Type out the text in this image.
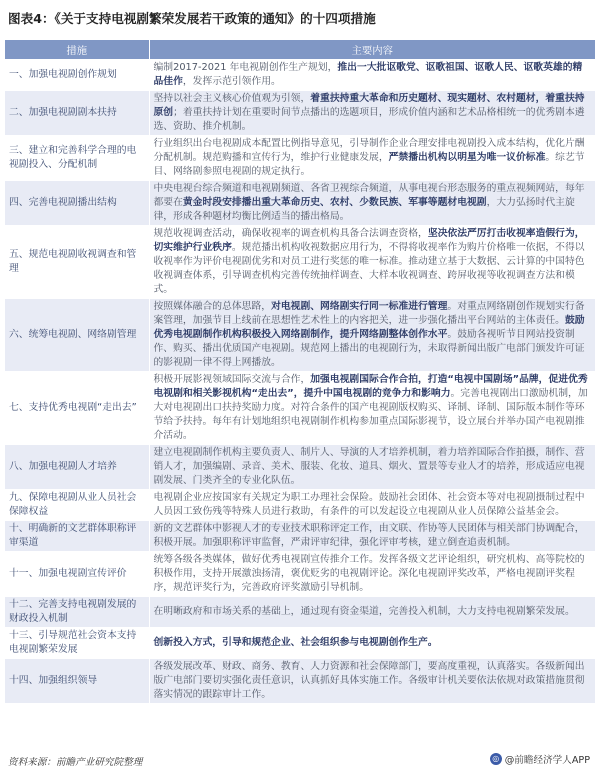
图表4：《关于支持电视剧繁荣发展若干政策的通知》的十四项措施
措施	主要内容
一、加强电视剧创作规划	编制2017-2021 年电视剧创作生产规划，推出一大批讴歌党、讴歌祖国、讴歌人民、讴歌英雄的精品佳作，发挥示范引领作用。
二、加强电视剧剧本扶持	坚持以社会主义核心价值观为引领，着重扶持重大革命和历史题材、现实题材、农村题材，着重扶持原创；着重扶持计划在重要时间节点播出的选题项目，形成价值内涵和艺术品格相统一的优秀剧本遴选、资助、推介机制。
三、建立和完善科学合理的电视剧投入、分配机制	行业组织出台电视剧成本配置比例指导意见，引导制作企业合理安排电视剧投入成本结构，优化片酬分配机制。规范购播和宣传行为，维护行业健康发展，严禁播出机构以明星为唯一议价标准。综艺节目、网络剧参照电视剧的规定执行。
四、完善电视剧播出结构	中央电视台综合频道和电视剧频道、各省卫视综合频道，从事电视台形态服务的重点视频网站，每年都要在黄金时段安排播出重大革命历史、农村、少数民族、军事等题材电视剧，大力弘扬时代主旋律，形成各种题材均衡比例适当的播出格局。
五、规范电视剧收视调查和管理	规范收视调查活动，确保收视率的调查机构具备合法调查资格，坚决依法严厉打击收视率造假行为，切实维护行业秩序。规范播出机构收视数据应用行为，不得将收视率作为购片价格唯一依据，不得以收视率作为评价电视剧优劣和对员工进行奖惩的唯一标准。推动建立基于大数据、云计算的中国特色收视调查体系，引导调查机构完善传统抽样调查、大样本收视调查、跨屏收视等收视调查方法和模式。
六、统筹电视剧、网络剧管理	按照媒体融合的总体思路，对电视剧、网络剧实行同一标准进行管理。对重点网络剧创作规划实行备案管理，加强节目上线前在思想性艺术性上的内容把关，进一步强化播出平台网站的主体责任。鼓励优秀电视剧制作机构积极投入网络剧制作，提升网络剧整体创作水平。鼓励各视听节目网站投资制作、购买、播出优质国产电视剧。规范网上播出的电视剧行为，未取得新闻出版广电部门颁发许可证的影视剧一律不得上网播放。
七、支持优秀电视剧“走出去”	积极开展影视领域国际交流与合作，加强电视剧国际合作合拍，打造“电视中国剧场”品牌，促进优秀电视剧和相关影视机构“走出去”，提升中国电视剧的竞争力和影响力。完善电视剧出口激励机制，加大对电视剧出口扶持奖励力度。对符合条件的国产电视剧版权购买、译制、译制、国际版本制作等环节给予扶持。每年有计划地组织电视剧制作机构参加重点国际影视节，设立展台并举办国产电视剧推介活动。
八、加强电视剧人才培养	建立电视剧制作机构主要负责人、制片人、导演的人才培养机制，着力培养国际合作拍摄，制作、营销人才，加强编剧、录音、美术、服装、化妆、道具、烟火、置景等专业人才的培养，形成适应电视剧发展、门类齐全的专业化队伍。
九、保障电视剧从业人员社会保障权益	电视剧企业应按国家有关规定为职工办理社会保险。鼓励社会团体、社会资本等对电视剧摄制过程中人员因工致伤残等特殊人员进行救助，有条件的可以发起设立电视剧从业人员保障公益基金会。
十、明确新的文艺群体职称评审渠道	新的文艺群体中影视人才的专业技术职称评定工作，由文联、作协等人民团体与相关部门协调配合，积极开展。加强职称评审监督，严肃评审纪律，强化评审考核，建立倒查追责机制。
十一、加强电视剧宣传评价	统筹各级各类媒体，做好优秀电视剧宣传推介工作。发挥各级文艺评论组织，研究机构、高等院校的积极作用，支持开展激浊扬清，褒优贬劣的电视剧评论。深化电视剧评奖改革，严格电视剧评奖程序，规范评奖行为，完善政府评奖激励引导机制。
十二、完善支持电视剧发展的财政投入机制	在明晰政府和市场关系的基础上，通过现有资金渠道，完善投入机制，大力支持电视剧繁荣发展。
十三、引导规范社会资本支持电视剧繁荣发展	创新投入方式，引导和规范企业、社会组织参与电视剧创作生产。
十四、加强组织领导	各级发展改革、财政、商务、教育、人力资源和社会保障部门，要高度重视，认真落实。各级新闻出版广电部门要切实强化责任意识，认真抓好具体实施工作。各级审计机关要依法依规对政策措施贯彻落实情况的跟踪审计工作。
资料来源：前瞻产业研究院整理	◎ @前瞻经济学人APP
